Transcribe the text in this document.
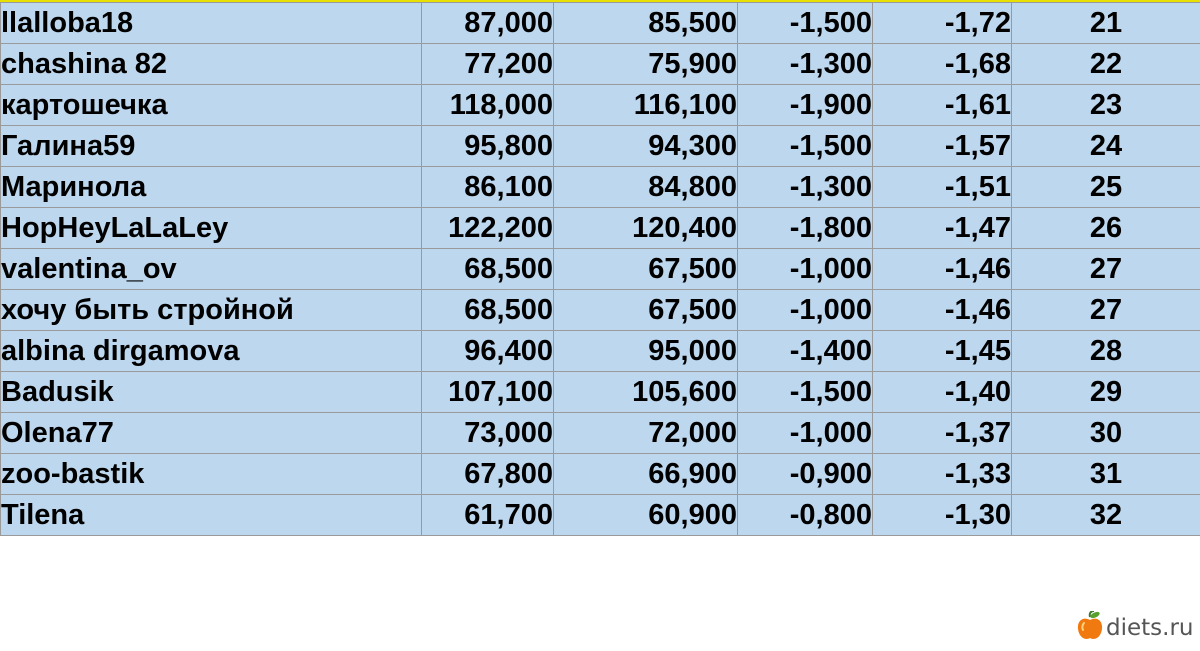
llalloba18	87,000	85,500	-1,500	-1,72	21
chashina 82	77,200	75,900	-1,300	-1,68	22
картошечка	118,000	116,100	-1,900	-1,61	23
Галина59	95,800	94,300	-1,500	-1,57	24
Маринола	86,100	84,800	-1,300	-1,51	25
HopHeyLaLaLey	122,200	120,400	-1,800	-1,47	26
valentina_ov	68,500	67,500	-1,000	-1,46	27
хочу быть стройной	68,500	67,500	-1,000	-1,46	27
albina dirgamova	96,400	95,000	-1,400	-1,45	28
Badusik	107,100	105,600	-1,500	-1,40	29
Olena77	73,000	72,000	-1,000	-1,37	30
zoo-bastik	67,800	66,900	-0,900	-1,33	31
Tilena	61,700	60,900	-0,800	-1,30	32
diets.ru
